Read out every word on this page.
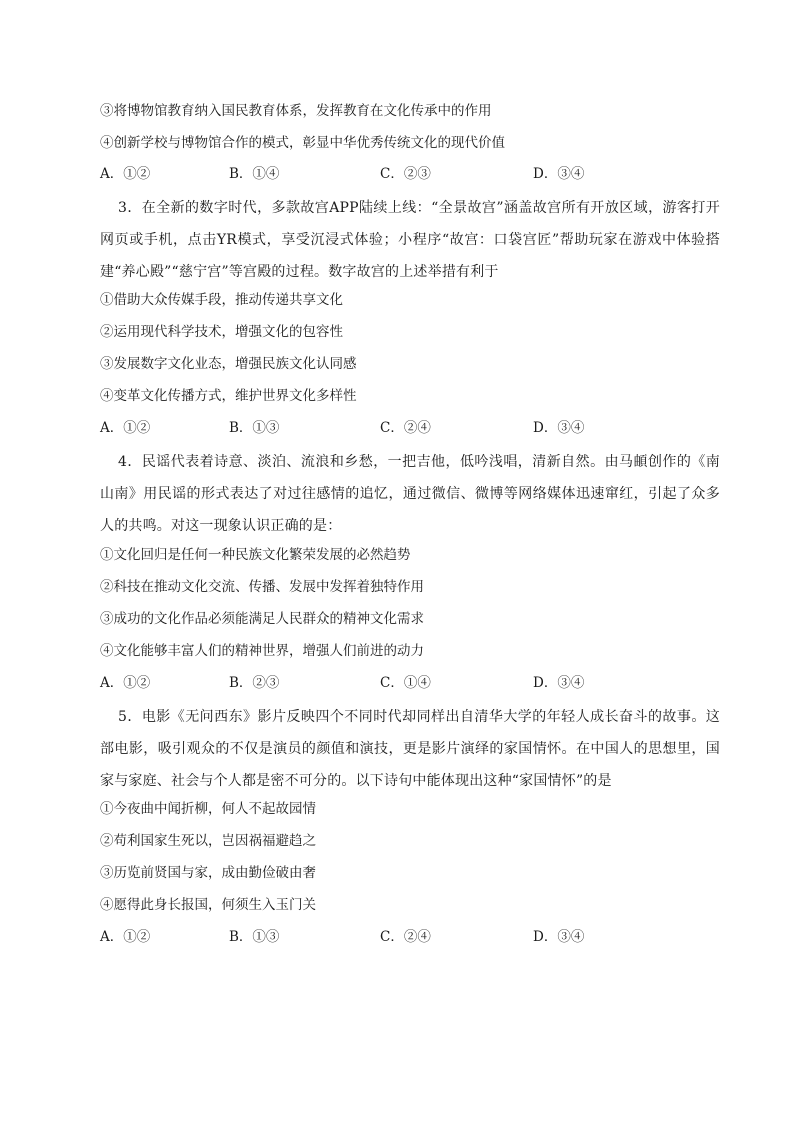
③将博物馆教育纳入国民教育体系，发挥教育在文化传承中的作用
④创新学校与博物馆合作的模式，彰显中华优秀传统文化的现代价值
A．①②	B．①④	C．②③	D．③④

3．在全新的数字时代，多款故宫APP陆续上线：“全景故宫”涵盖故宫所有开放区域，游客打开网页或手机，点击YR模式，享受沉浸式体验；小程序“故宫：口袋宫匠”帮助玩家在游戏中体验搭建“养心殿”“慈宁宫”等宫殿的过程。数字故宫的上述举措有利于

①借助大众传媒手段，推动传递共享文化
②运用现代科学技术，增强文化的包容性
③发展数字文化业态，增强民族文化认同感
④变革文化传播方式，维护世界文化多样性
A．①②	B．①③	C．②④	D．③④

4．民谣代表着诗意、淡泊、流浪和乡愁，一把吉他，低吟浅唱，清新自然。由马頔创作的《南山南》用民谣的形式表达了对过往感情的追忆，通过微信、微博等网络媒体迅速窜红，引起了众多人的共鸣。对这一现象认识正确的是：

①文化回归是任何一种民族文化繁荣发展的必然趋势
②科技在推动文化交流、传播、发展中发挥着独特作用
③成功的文化作品必须能满足人民群众的精神文化需求
④文化能够丰富人们的精神世界，增强人们前进的动力
A．①②	B．②③	C．①④	D．③④

5．电影《无问西东》影片反映四个不同时代却同样出自清华大学的年轻人成长奋斗的故事。这部电影，吸引观众的不仅是演员的颜值和演技，更是影片演绎的家国情怀。在中国人的思想里，国家与家庭、社会与个人都是密不可分的。以下诗句中能体现出这种“家国情怀”的是

①今夜曲中闻折柳，何人不起故园情
②苟利国家生死以，岂因祸福避趋之
③历览前贤国与家，成由勤俭破由奢
④愿得此身长报国，何须生入玉门关
A．①②	B．①③	C．②④	D．③④
